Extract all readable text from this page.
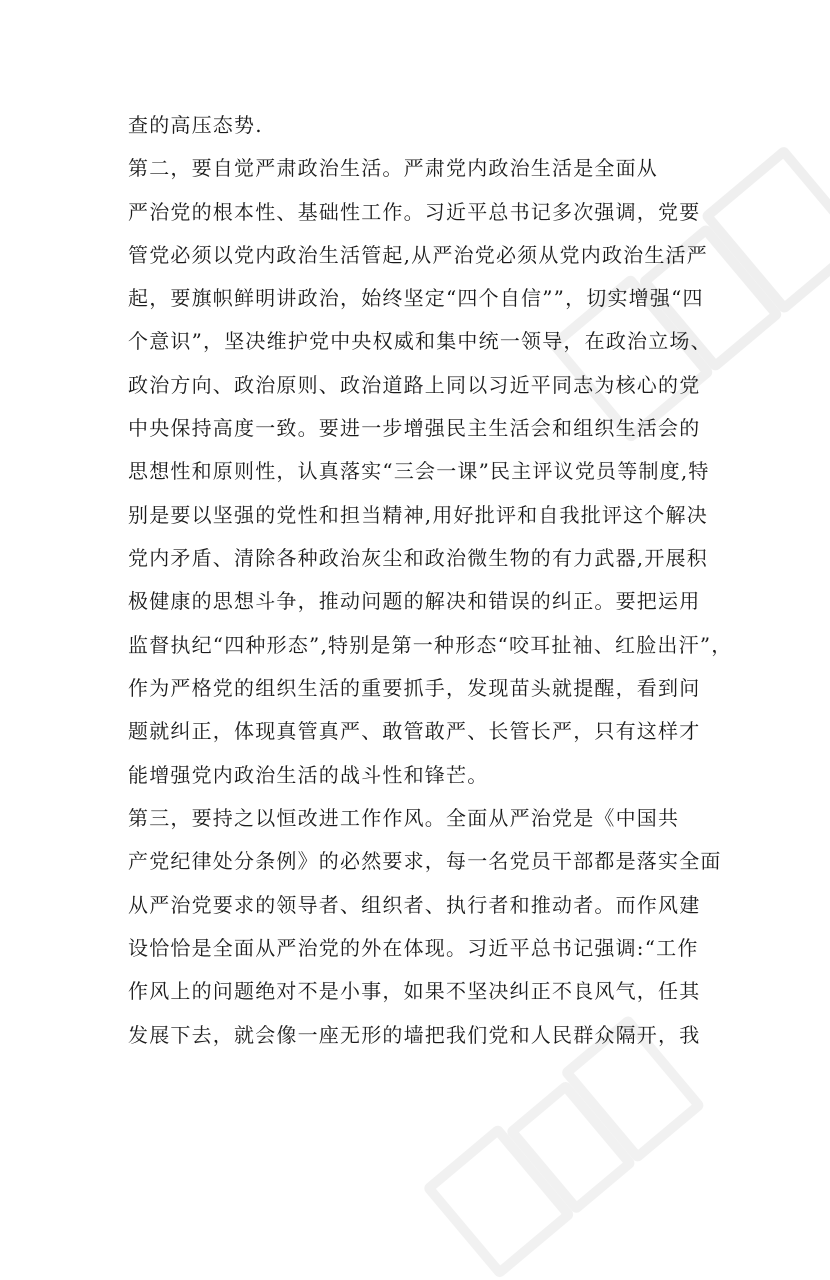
查的高压态势.
第二，要自觉严肃政治生活。严肃党内政治生活是全面从
严治党的根本性、基础性工作。习近平总书记多次强调，党要
管党必须以党内政治生活管起,从严治党必须从党内政治生活严
起，要旗帜鲜明讲政治，始终坚定“四个自信””，切实增强“四
个意识”，坚决维护党中央权威和集中统一领导，在政治立场、
政治方向、政治原则、政治道路上同以习近平同志为核心的党
中央保持高度一致。要进一步增强民主生活会和组织生活会的
思想性和原则性，认真落实“三会一课”民主评议党员等制度,特
别是要以坚强的党性和担当精神,用好批评和自我批评这个解决
党内矛盾、清除各种政治灰尘和政治微生物的有力武器,开展积
极健康的思想斗争，推动问题的解决和错误的纠正。要把运用
监督执纪“四种形态”,特别是第一种形态“咬耳扯袖、红脸出汗”，
作为严格党的组织生活的重要抓手，发现苗头就提醒，看到问
题就纠正，体现真管真严、敢管敢严、长管长严，只有这样才
能增强党内政治生活的战斗性和锋芒。
第三，要持之以恒改进工作作风。全面从严治党是《中国共
产党纪律处分条例》的必然要求，每一名党员干部都是落实全面
从严治党要求的领导者、组织者、执行者和推动者。而作风建
设恰恰是全面从严治党的外在体现。习近平总书记强调:“工作
作风上的问题绝对不是小事，如果不坚决纠正不良风气，任其
发展下去，就会像一座无形的墙把我们党和人民群众隔开，我
